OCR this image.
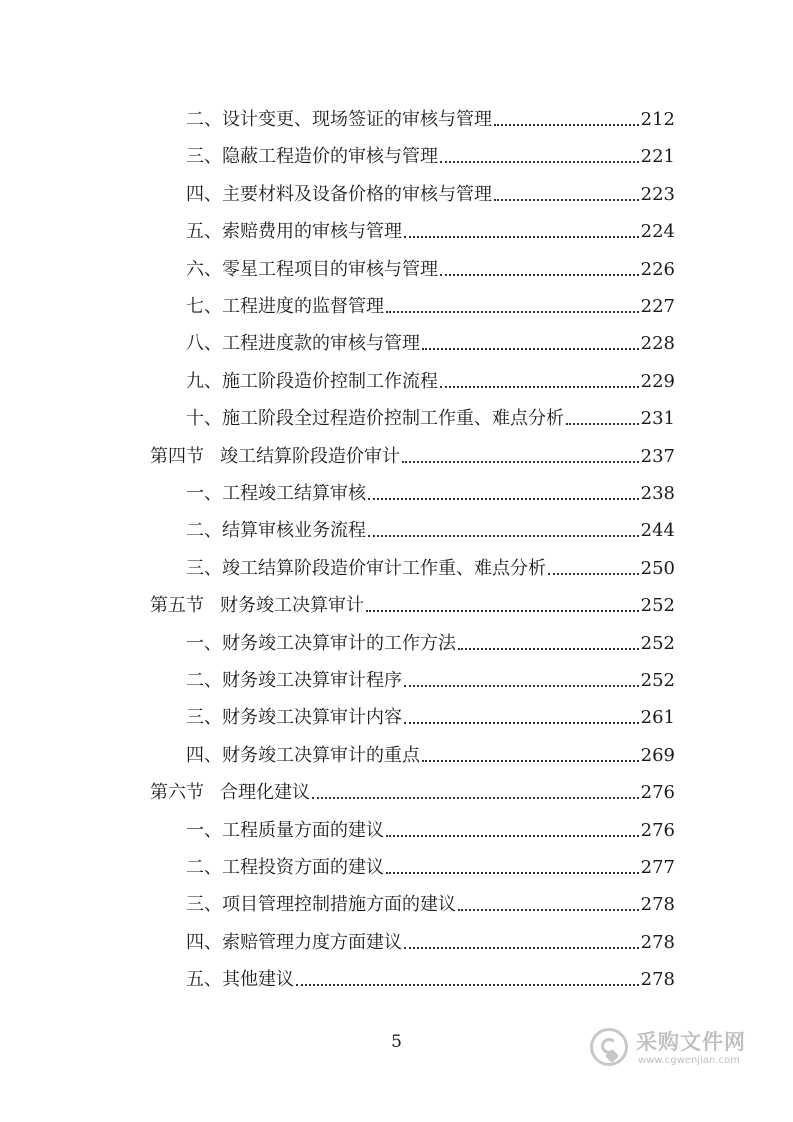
二、设计变更、现场签证的审核与管理	212
三、隐蔽工程造价的审核与管理	221
四、主要材料及设备价格的审核与管理	223
五、索赔费用的审核与管理	224
六、零星工程项目的审核与管理	226
七、工程进度的监督管理	227
八、工程进度款的审核与管理	228
九、施工阶段造价控制工作流程	229
十、施工阶段全过程造价控制工作重、难点分析	231
第四节 竣工结算阶段造价审计	237
一、工程竣工结算审核	238
二、结算审核业务流程	244
三、竣工结算阶段造价审计工作重、难点分析	250
第五节 财务竣工决算审计	252
一、财务竣工决算审计的工作方法	252
二、财务竣工决算审计程序	252
三、财务竣工决算审计内容	261
四、财务竣工决算审计的重点	269
第六节 合理化建议	276
一、工程质量方面的建议	276
二、工程投资方面的建议	277
三、项目管理控制措施方面的建议	278
四、索赔管理力度方面建议	278
五、其他建议	278
5	采购文件网
www.cgwenjian.com
